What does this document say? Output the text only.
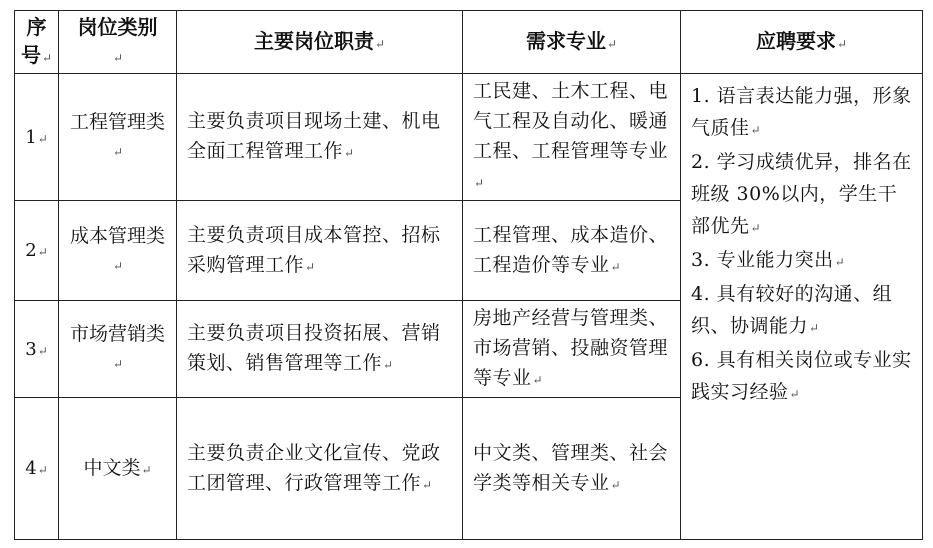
序号↵	岗位类别↵	主要岗位职责↵	需求专业↵	应聘要求↵
1↵	工程管理类↵	主要负责项目现场土建、机电全面工程管理工作↵	工民建、土木工程、电气工程及自动化、暖通工程、工程管理等专业↵	1. 语言表达能力强，形象气质佳↵
2. 学习成绩优异，排名在班级 30%以内，学生干部优先↵
3. 专业能力突出↵
4. 具有较好的沟通、组织、协调能力↵
6. 具有相关岗位或专业实践实习经验↵

2↵	成本管理类↵	主要负责项目成本管控、招标采购管理工作↵	工程管理、成本造价、工程造价等专业↵	
3↵	市场营销类↵	主要负责项目投资拓展、营销策划、销售管理等工作↵	房地产经营与管理类、市场营销、投融资管理等专业↵	
4↵	中文类↵	主要负责企业文化宣传、党政工团管理、行政管理等工作↵	中文类、管理类、社会学类等相关专业↵	
